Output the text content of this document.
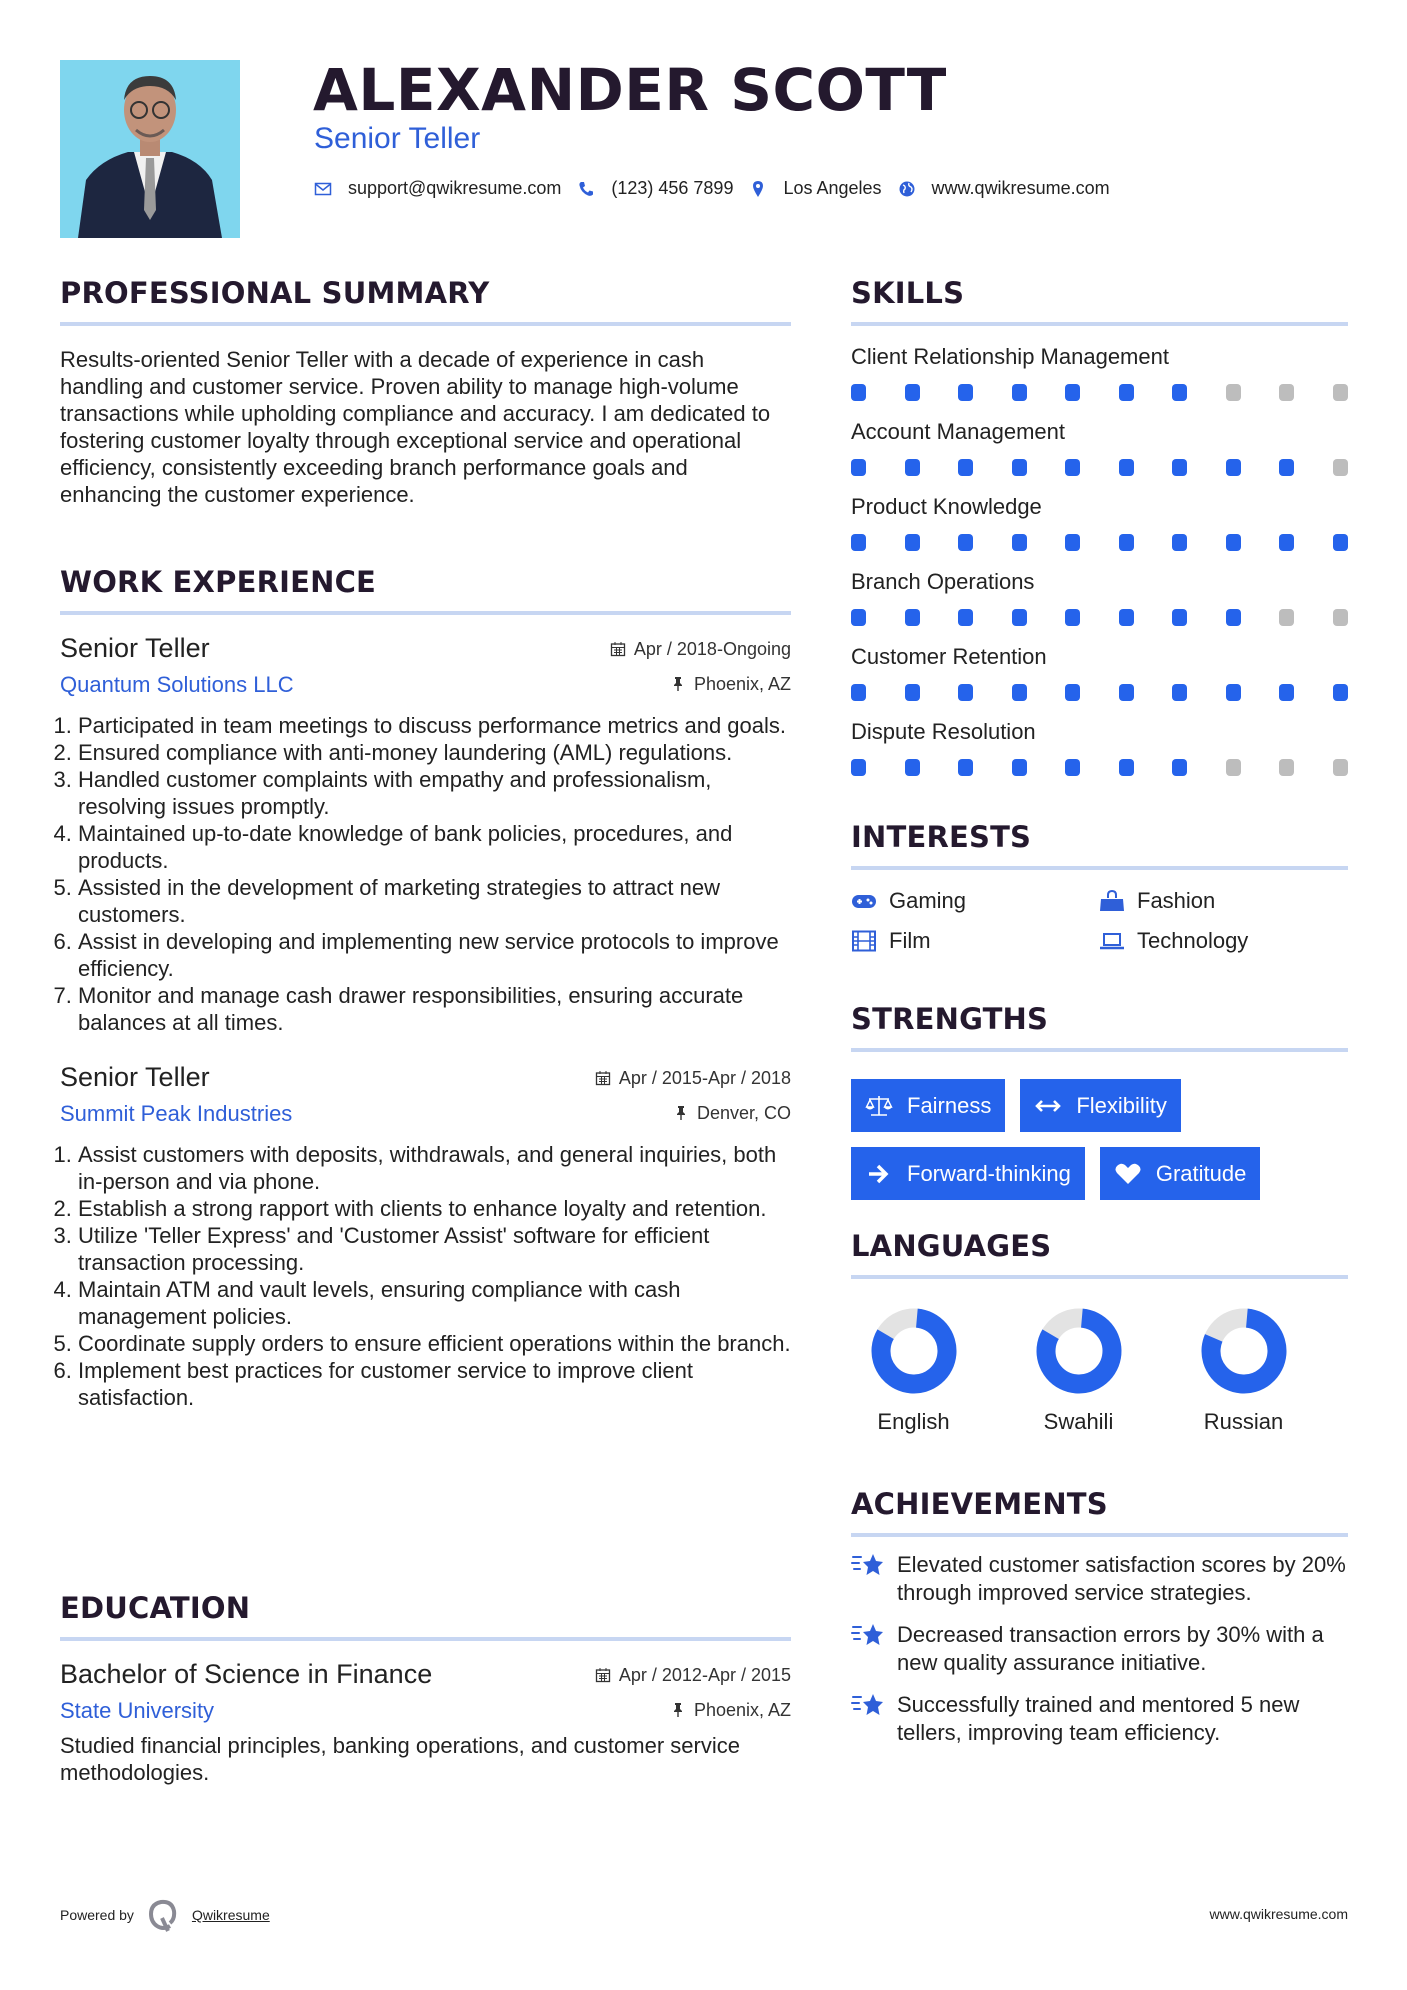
ALEXANDER SCOTT
Senior Teller
support@qwikresume.com	(123) 456 7899	Los Angeles	www.qwikresume.com
PROFESSIONAL SUMMARY

Results-oriented Senior Teller with a decade of experience in cash handling and customer service. Proven ability to manage high-volume transactions while upholding compliance and accuracy. I am dedicated to fostering customer loyalty through exceptional service and operational efficiency, consistently exceeding branch performance goals and enhancing the customer experience.

WORK EXPERIENCE
Senior Teller	Apr / 2018-Ongoing
Quantum Solutions LLC	Phoenix, AZ
1. Participated in team meetings to discuss performance metrics and goals.
2. Ensured compliance with anti-money laundering (AML) regulations.
3. Handled customer complaints with empathy and professionalism, resolving issues promptly.
4. Maintained up-to-date knowledge of bank policies, procedures, and products.
5. Assisted in the development of marketing strategies to attract new customers.
6. Assist in developing and implementing new service protocols to improve efficiency.
7. Monitor and manage cash drawer responsibilities, ensuring accurate balances at all times.
Senior Teller	Apr / 2015-Apr / 2018
Summit Peak Industries	Denver, CO
1. Assist customers with deposits, withdrawals, and general inquiries, both in-person and via phone.
2. Establish a strong rapport with clients to enhance loyalty and retention.
3. Utilize 'Teller Express' and 'Customer Assist' software for efficient transaction processing.
4. Maintain ATM and vault levels, ensuring compliance with cash management policies.
5. Coordinate supply orders to ensure efficient operations within the branch.
6. Implement best practices for customer service to improve client satisfaction.
EDUCATION
Bachelor of Science in Finance	Apr / 2012-Apr / 2015
State University	Phoenix, AZ

Studied financial principles, banking operations, and customer service methodologies.

SKILLS
Client Relationship Management
Account Management
Product Knowledge
Branch Operations
Customer Retention
Dispute Resolution
INTERESTS
Gaming	Fashion
Film	Technology
STRENGTHS
Fairness	Flexibility
Forward-thinking	Gratitude
LANGUAGES
English	Swahili	Russian
ACHIEVEMENTS
Elevated customer satisfaction scores by 20% through improved service strategies.
Decreased transaction errors by 30% with a new quality assurance initiative.
Successfully trained and mentored 5 new tellers, improving team efficiency.
Powered by	Qwikresume	www.qwikresume.com
